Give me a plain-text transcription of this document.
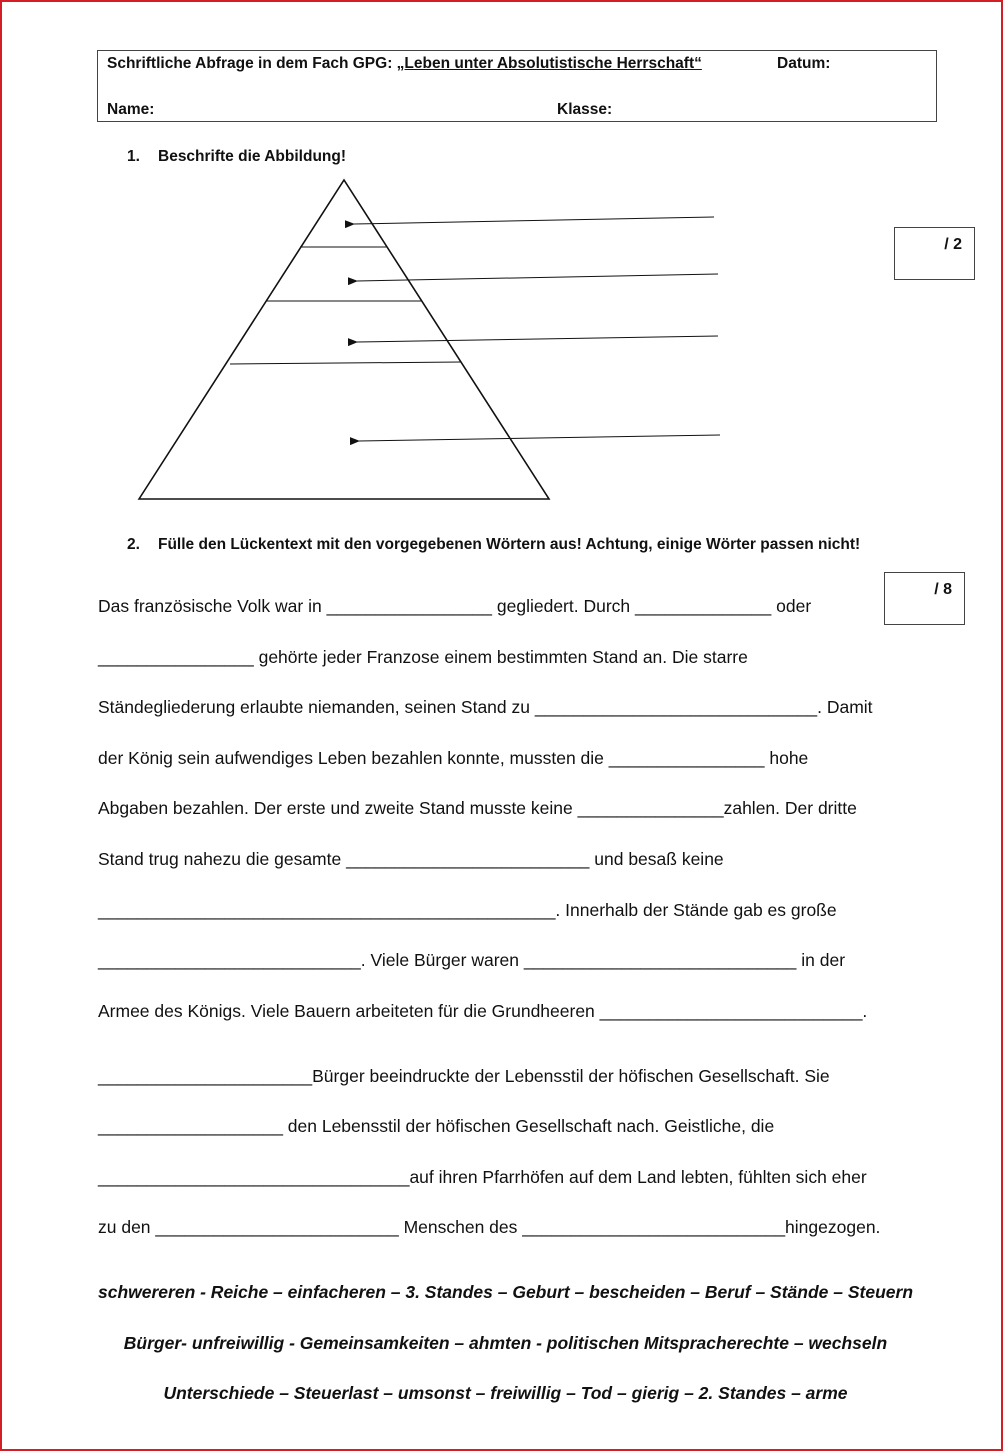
Schriftliche Abfrage in dem Fach GPG: „Leben unter Absolutistische Herrschaft“	Datum:
Name:	Klasse:
1. Beschrifte die Abbildung!
/ 2
2. Fülle den Lückentext mit den vorgegebenen Wörtern aus! Achtung, einige Wörter passen nicht!
/ 8
Das französische Volk war in _________________ gegliedert. Durch ______________ oder
________________ gehörte jeder Franzose einem bestimmten Stand an. Die starre
Ständegliederung erlaubte niemanden, seinen Stand zu _____________________________. Damit
der König sein aufwendiges Leben bezahlen konnte, mussten die ________________ hohe
Abgaben bezahlen. Der erste und zweite Stand musste keine _______________zahlen. Der dritte
Stand trug nahezu die gesamte _________________________ und besaß keine
_______________________________________________. Innerhalb der Stände gab es große
___________________________. Viele Bürger waren ____________________________ in der
Armee des Königs. Viele Bauern arbeiteten für die Grundheeren ___________________________.
______________________Bürger beeindruckte der Lebensstil der höfischen Gesellschaft. Sie
___________________ den Lebensstil der höfischen Gesellschaft nach. Geistliche, die
________________________________auf ihren Pfarrhöfen auf dem Land lebten, fühlten sich eher
zu den _________________________ Menschen des ___________________________hingezogen.
schwereren - Reiche – einfacheren – 3. Standes – Geburt – bescheiden – Beruf – Stände – Steuern
Bürger- unfreiwillig - Gemeinsamkeiten – ahmten - politischen Mitspracherechte – wechseln
Unterschiede – Steuerlast – umsonst – freiwillig – Tod – gierig – 2. Standes – arme
